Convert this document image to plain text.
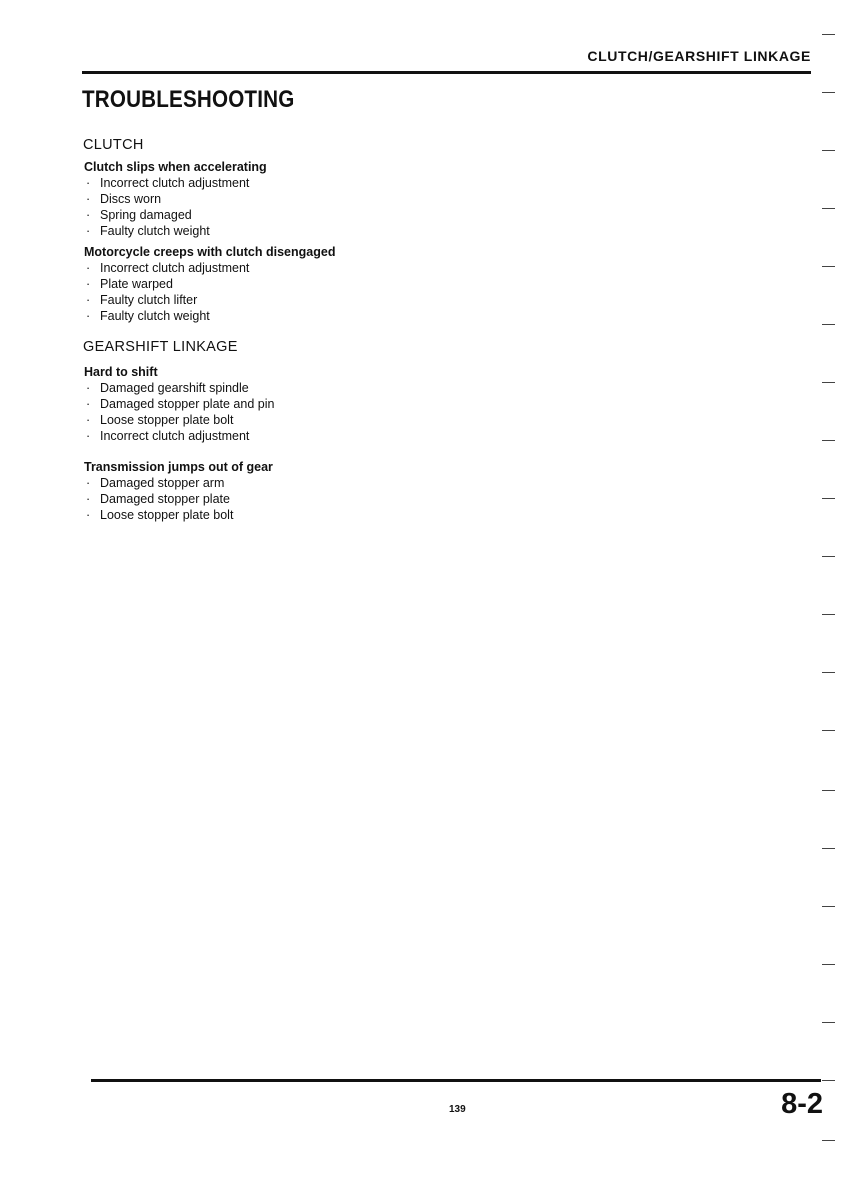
CLUTCH/GEARSHIFT LINKAGE
TROUBLESHOOTING
CLUTCH
Clutch slips when accelerating
· Incorrect clutch adjustment
· Discs worn
· Spring damaged
· Faulty clutch weight
Motorcycle creeps with clutch disengaged
· Incorrect clutch adjustment
· Plate warped
· Faulty clutch lifter
· Faulty clutch weight
GEARSHIFT LINKAGE
Hard to shift
· Damaged gearshift spindle
· Damaged stopper plate and pin
· Loose stopper plate bolt
· Incorrect clutch adjustment
Transmission jumps out of gear
· Damaged stopper arm
· Damaged stopper plate
· Loose stopper plate bolt
139	8-2
